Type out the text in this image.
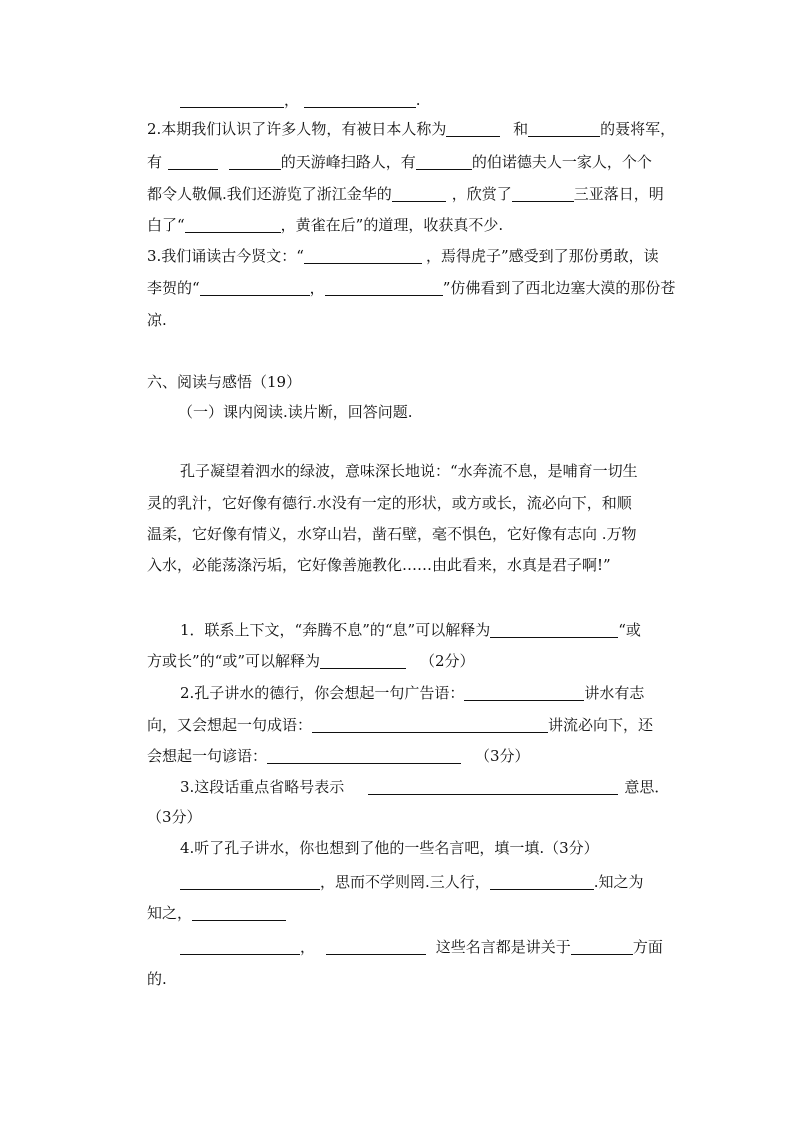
，	.
2.本期我们认识了许多人物，有被日本人称为	和	的聂将军，
有	的天游峰扫路人，有	的伯诺德夫人一家人，个个
都令人敬佩.我们还游览了浙江金华的	，欣赏了	三亚落日，明
白了“	，黄雀在后”的道理，收获真不少.
3.我们诵读古今贤文：“	，焉得虎子”感受到了那份勇敢，读
李贺的“	，	”仿佛看到了西北边塞大漠的那份苍
凉.
六、阅读与感悟（19）
（一）课内阅读.读片断，回答问题.
孔子凝望着泗水的绿波，意味深长地说：“水奔流不息，是哺育一切生
灵的乳汁，它好像有德行.水没有一定的形状，或方或长，流必向下，和顺
温柔，它好像有情义，水穿山岩，凿石壁，毫不惧色，它好像有志向 .万物
入水，必能荡涤污垢，它好像善施教化……由此看来，水真是君子啊!”
1．联系上下文，“奔腾不息”的“息”可以解释为	“或
方或长”的“或”可以解释为	（2分）
2.孔子讲水的德行，你会想起一句广告语：	讲水有志
向，又会想起一句成语：	讲流必向下，还
会想起一句谚语：	（3分）
3.这段话重点省略号表示	意思．
（3分）
4.听了孔子讲水，你也想到了他的一些名言吧，填一填.（3分）
，思而不学则罔.三人行，	.知之为
知之，
，	这些名言都是讲关于	方面
的.
